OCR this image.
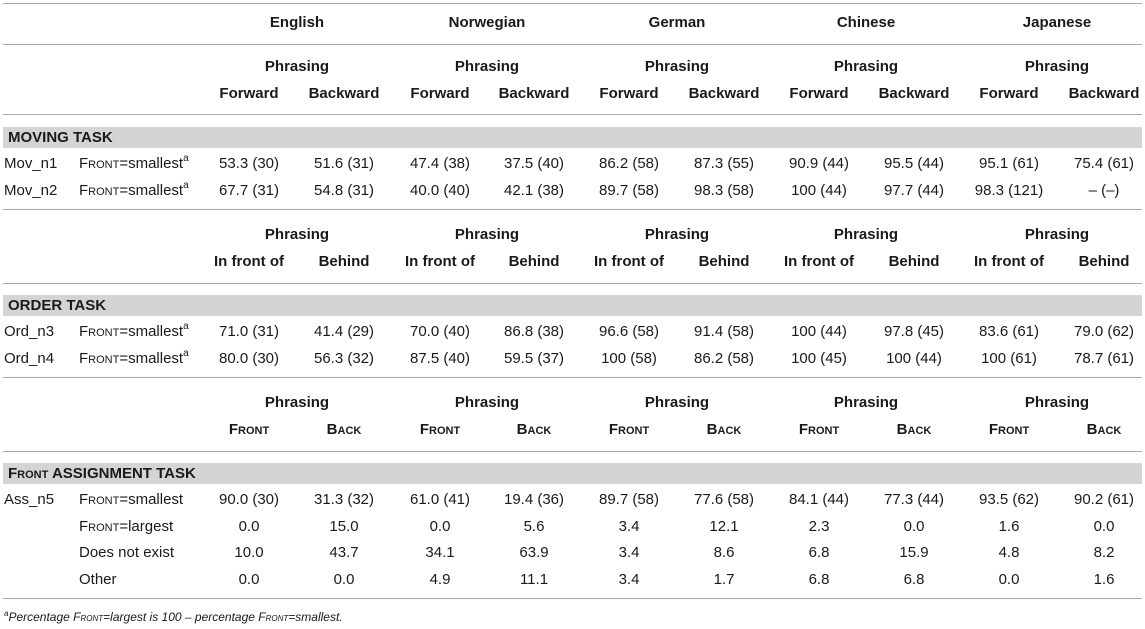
English	Norwegian	German	Chinese	Japanese
Phrasing	Phrasing	Phrasing	Phrasing	Phrasing
Forward Backward Forward Backward Forward Backward Forward Backward Forward Backward
MOVING TASK
Mov_n1 Front=smallest$^a$ 53.3 (30) 51.6 (31) 47.4 (38) 37.5 (40) 86.2 (58) 87.3 (55) 90.9 (44) 95.5 (44) 95.1 (61) 75.4 (61)
Mov_n2 Front=smallest$^a$ 67.7 (31) 54.8 (31) 40.0 (40) 42.1 (38) 89.7 (58) 98.3 (58) 100 (44) 97.7 (44) 98.3 (121)	– (–)
Phrasing	Phrasing	Phrasing	Phrasing	Phrasing
In front of Behind In front of Behind In front of Behind In front of Behind In front of Behind
ORDER TASK
Ord_n3 Front=smallest$^a$ 71.0 (31) 41.4 (29) 70.0 (40) 86.8 (38) 96.6 (58) 91.4 (58) 100 (44) 97.8 (45) 83.6 (61) 79.0 (62)
Ord_n4 Front=smallest$^a$ 80.0 (30) 56.3 (32) 87.5 (40) 59.5 (37) 100 (58) 86.2 (58) 100 (45)	100 (44)	100 (61) 78.7 (61)
Phrasing	Phrasing	Phrasing	Phrasing	Phrasing
Front	Back	Front	Back	Front	Back	Front	Back	Front	Back
Front ASSIGNMENT TASK
Ass_n5 Front=smallest 90.0 (30) 31.3 (32) 61.0 (41) 19.4 (36) 89.7 (58) 77.6 (58) 84.1 (44) 77.3 (44) 93.5 (62) 90.2 (61)
Front=largest	0.0	15.0	0.0	5.6	3.4	12.1	2.3	0.0	1.6	0.0
Does not exist	10.0	43.7	34.1	63.9	3.4	8.6	6.8	15.9	4.8	8.2
Other	0.0	0.0	4.9	11.1	3.4	1.7	6.8	6.8	0.0	1.6
$^a$Percentage Front=largest is 100 – percentage Front=smallest.
